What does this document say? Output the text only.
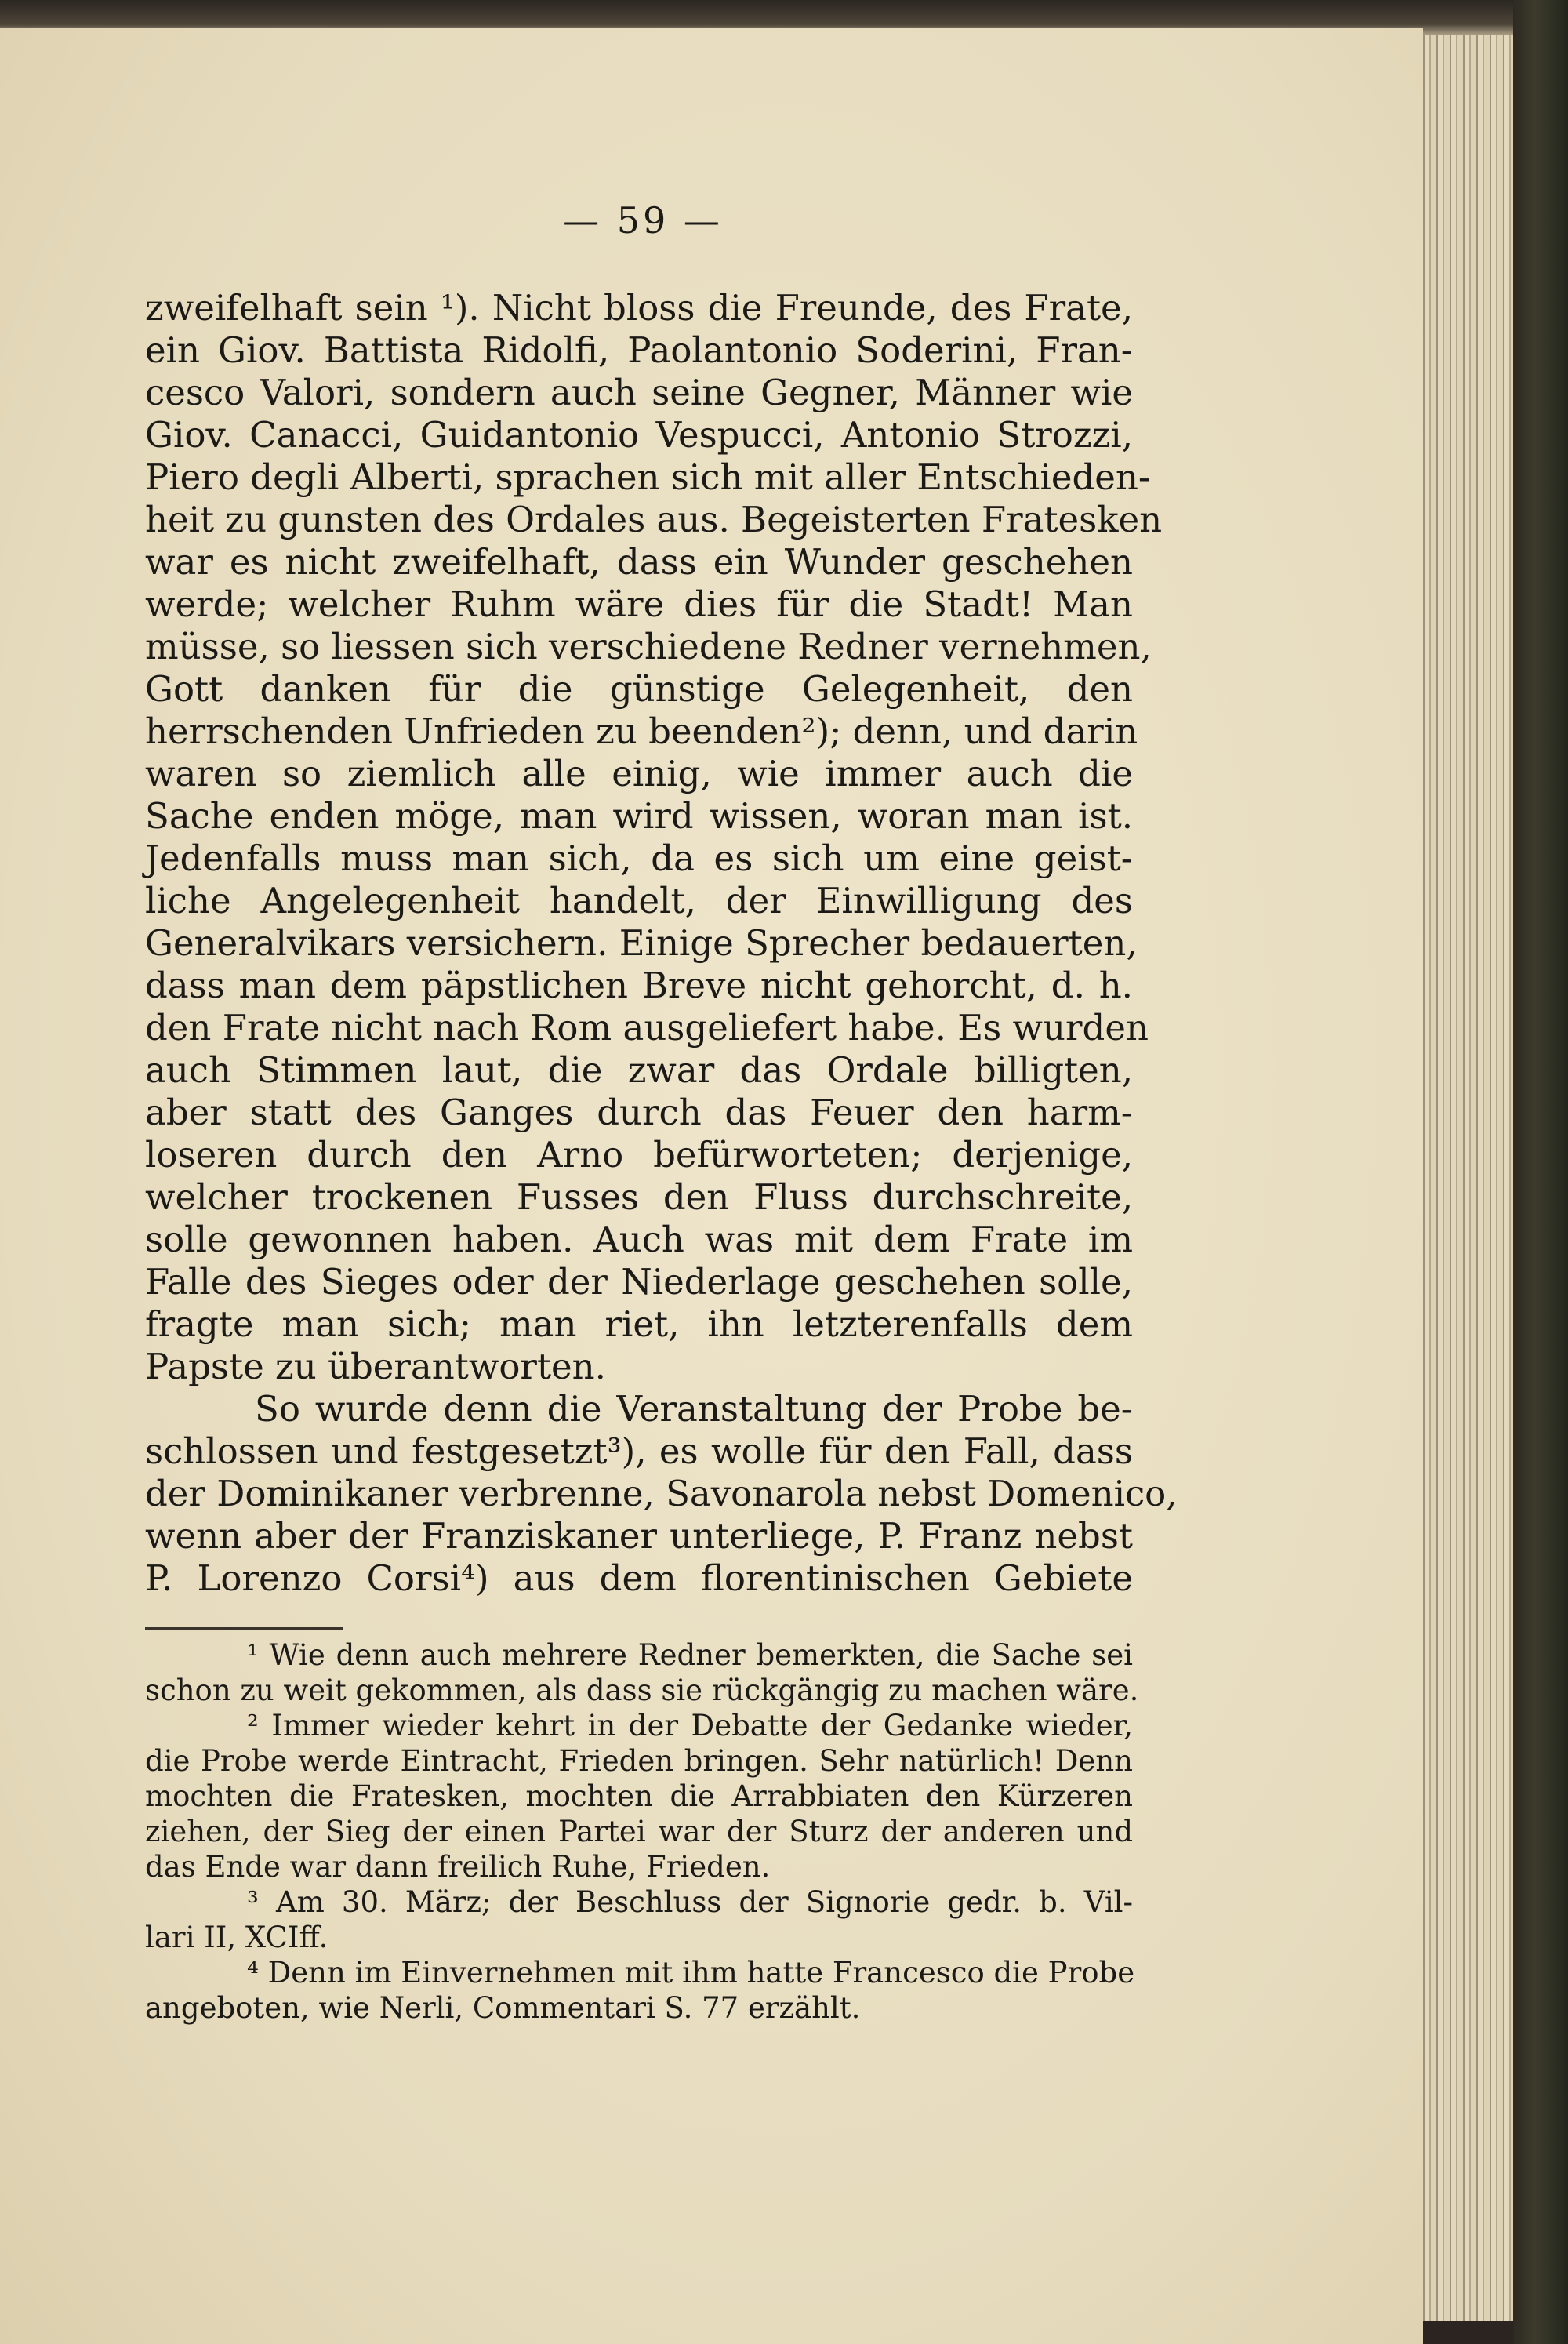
— 59 —
zweifelhaft sein ¹). Nicht bloss die Freunde, des Frate,
ein Giov. Battista Ridolfi, Paolantonio Soderini, Fran-
cesco Valori, sondern auch seine Gegner, Männer wie
Giov. Canacci, Guidantonio Vespucci, Antonio Strozzi,
Piero degli Alberti, sprachen sich mit aller Entschieden-
heit zu gunsten des Ordales aus. Begeisterten Fratesken
war es nicht zweifelhaft, dass ein Wunder geschehen
werde; welcher Ruhm wäre dies für die Stadt! Man
müsse, so liessen sich verschiedene Redner vernehmen,
Gott danken für die günstige Gelegenheit, den
herrschenden Unfrieden zu beenden²); denn, und darin
waren so ziemlich alle einig, wie immer auch die
Sache enden möge, man wird wissen, woran man ist.
Jedenfalls muss man sich, da es sich um eine geist-
liche Angelegenheit handelt, der Einwilligung des
Generalvikars versichern. Einige Sprecher bedauerten,
dass man dem päpstlichen Breve nicht gehorcht, d. h.
den Frate nicht nach Rom ausgeliefert habe. Es wurden
auch Stimmen laut, die zwar das Ordale billigten,
aber statt des Ganges durch das Feuer den harm-
loseren durch den Arno befürworteten; derjenige,
welcher trockenen Fusses den Fluss durchschreite,
solle gewonnen haben. Auch was mit dem Frate im
Falle des Sieges oder der Niederlage geschehen solle,
fragte man sich; man riet, ihn letzterenfalls dem
Papste zu überantworten.
So wurde denn die Veranstaltung der Probe be-
schlossen und festgesetzt³), es wolle für den Fall, dass
der Dominikaner verbrenne, Savonarola nebst Domenico,
wenn aber der Franziskaner unterliege, P. Franz nebst
P. Lorenzo Corsi⁴) aus dem florentinischen Gebiete
¹ Wie denn auch mehrere Redner bemerkten, die Sache sei
schon zu weit gekommen, als dass sie rückgängig zu machen wäre.
² Immer wieder kehrt in der Debatte der Gedanke wieder,
die Probe werde Eintracht, Frieden bringen. Sehr natürlich! Denn
mochten die Fratesken, mochten die Arrabbiaten den Kürzeren
ziehen, der Sieg der einen Partei war der Sturz der anderen und
das Ende war dann freilich Ruhe, Frieden.
³ Am 30. März; der Beschluss der Signorie gedr. b. Vil-
lari II, XCIff.
⁴ Denn im Einvernehmen mit ihm hatte Francesco die Probe
angeboten, wie Nerli, Commentari S. 77 erzählt.
